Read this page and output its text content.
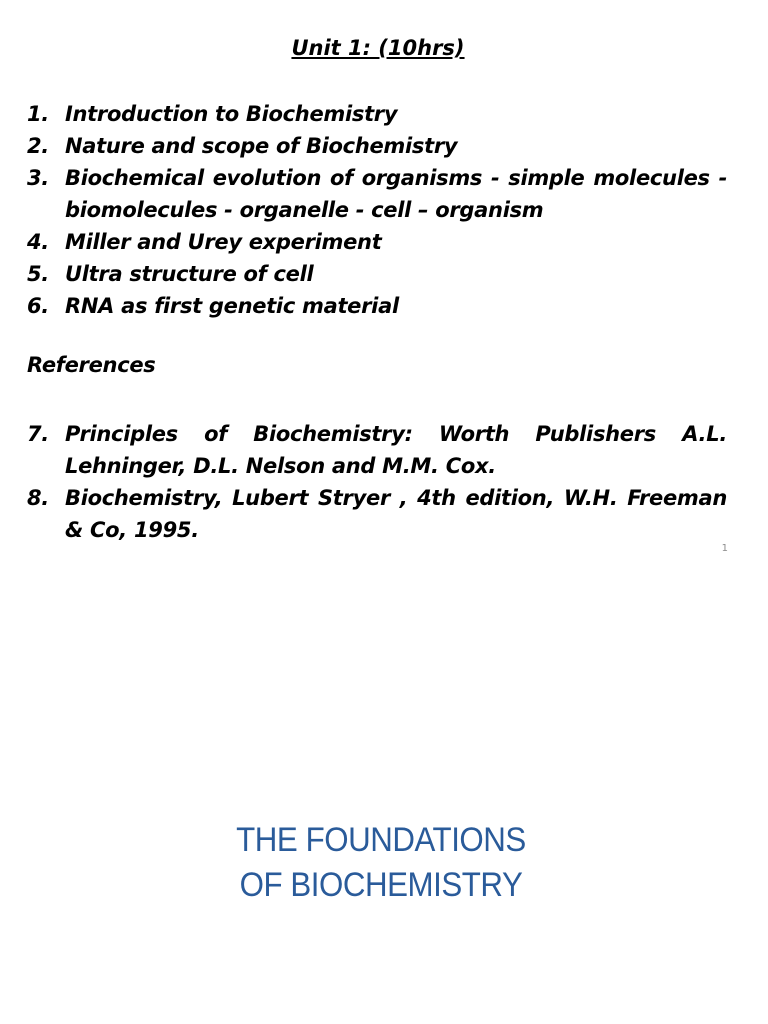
Unit 1: (10hrs)
1. Introduction to Biochemistry
2. Nature and scope of Biochemistry
3. Biochemical evolution of organisms - simple molecules - biomolecules - organelle - cell – organism
4. Miller and Urey experiment
5. Ultra structure of cell
6. RNA as first genetic material
References
7. Principles of Biochemistry: Worth Publishers A.L. Lehninger, D.L. Nelson and M.M. Cox.
8. Biochemistry, Lubert Stryer , 4th edition, W.H. Freeman & Co, 1995.
1
THE FOUNDATIONS
OF BIOCHEMISTRY
